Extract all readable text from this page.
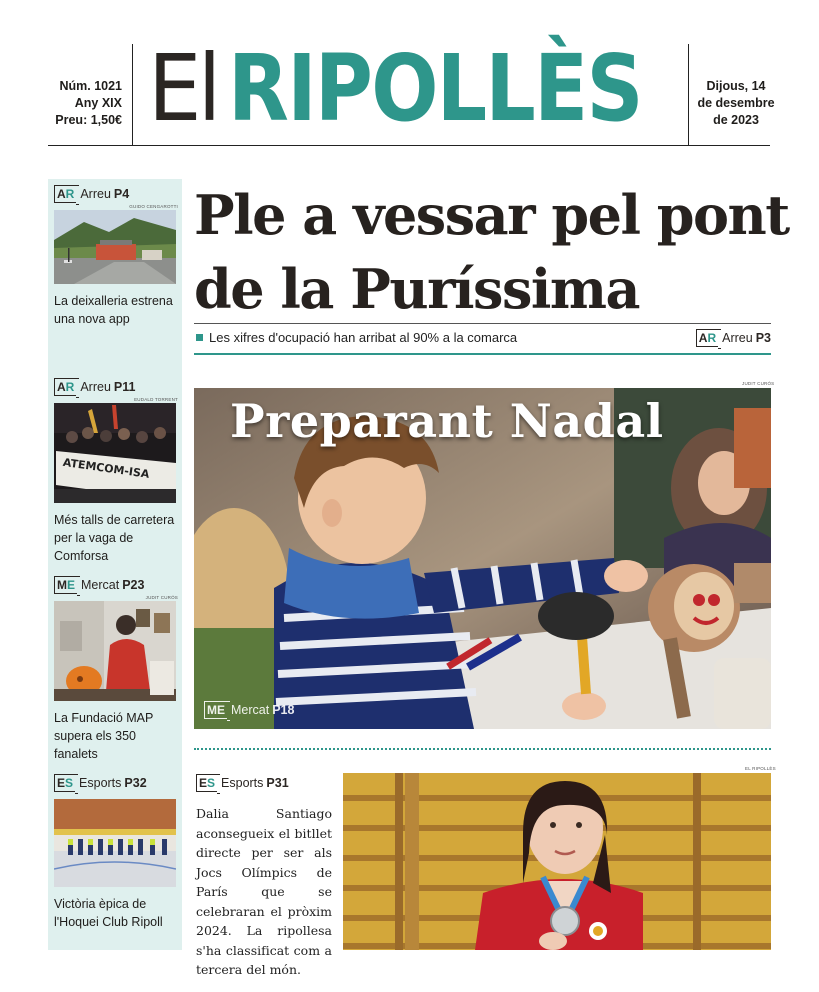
Núm. 1021
Any XIX
Preu: 1,50€ El RIPOLLÈS	Dijous, 14
de desembre
de 2023
A R Arreu P4
GUIDO CENGAROTTI
La deixalleria estrena una nova app
A R Arreu P11
EUDALD TORRENT
ATEMCOM-ISA
Més talls de carretera per la vaga de Comforsa
M E Mercat P23
JUDIT CURÓS
La Fundació MAP supera els 350 fanalets
E S Esports P32
Victòria èpica de l'Hoquei Club Ripoll
Ple a vessar pel pont
de la Puríssima
Les xifres d'ocupació han arribat al 90% a la comarca	A R Arreu P3
JUDIT CURÓS
Preparant Nadal
M E Mercat P18
E S Esports P31
Dalia Santiago aconsegueix el bitllet directe per ser als Jocs Olímpics de París que se celebraran el pròxim 2024. La ripollesa s'ha classificat com a tercera del món.
EL RIPOLLÈS
